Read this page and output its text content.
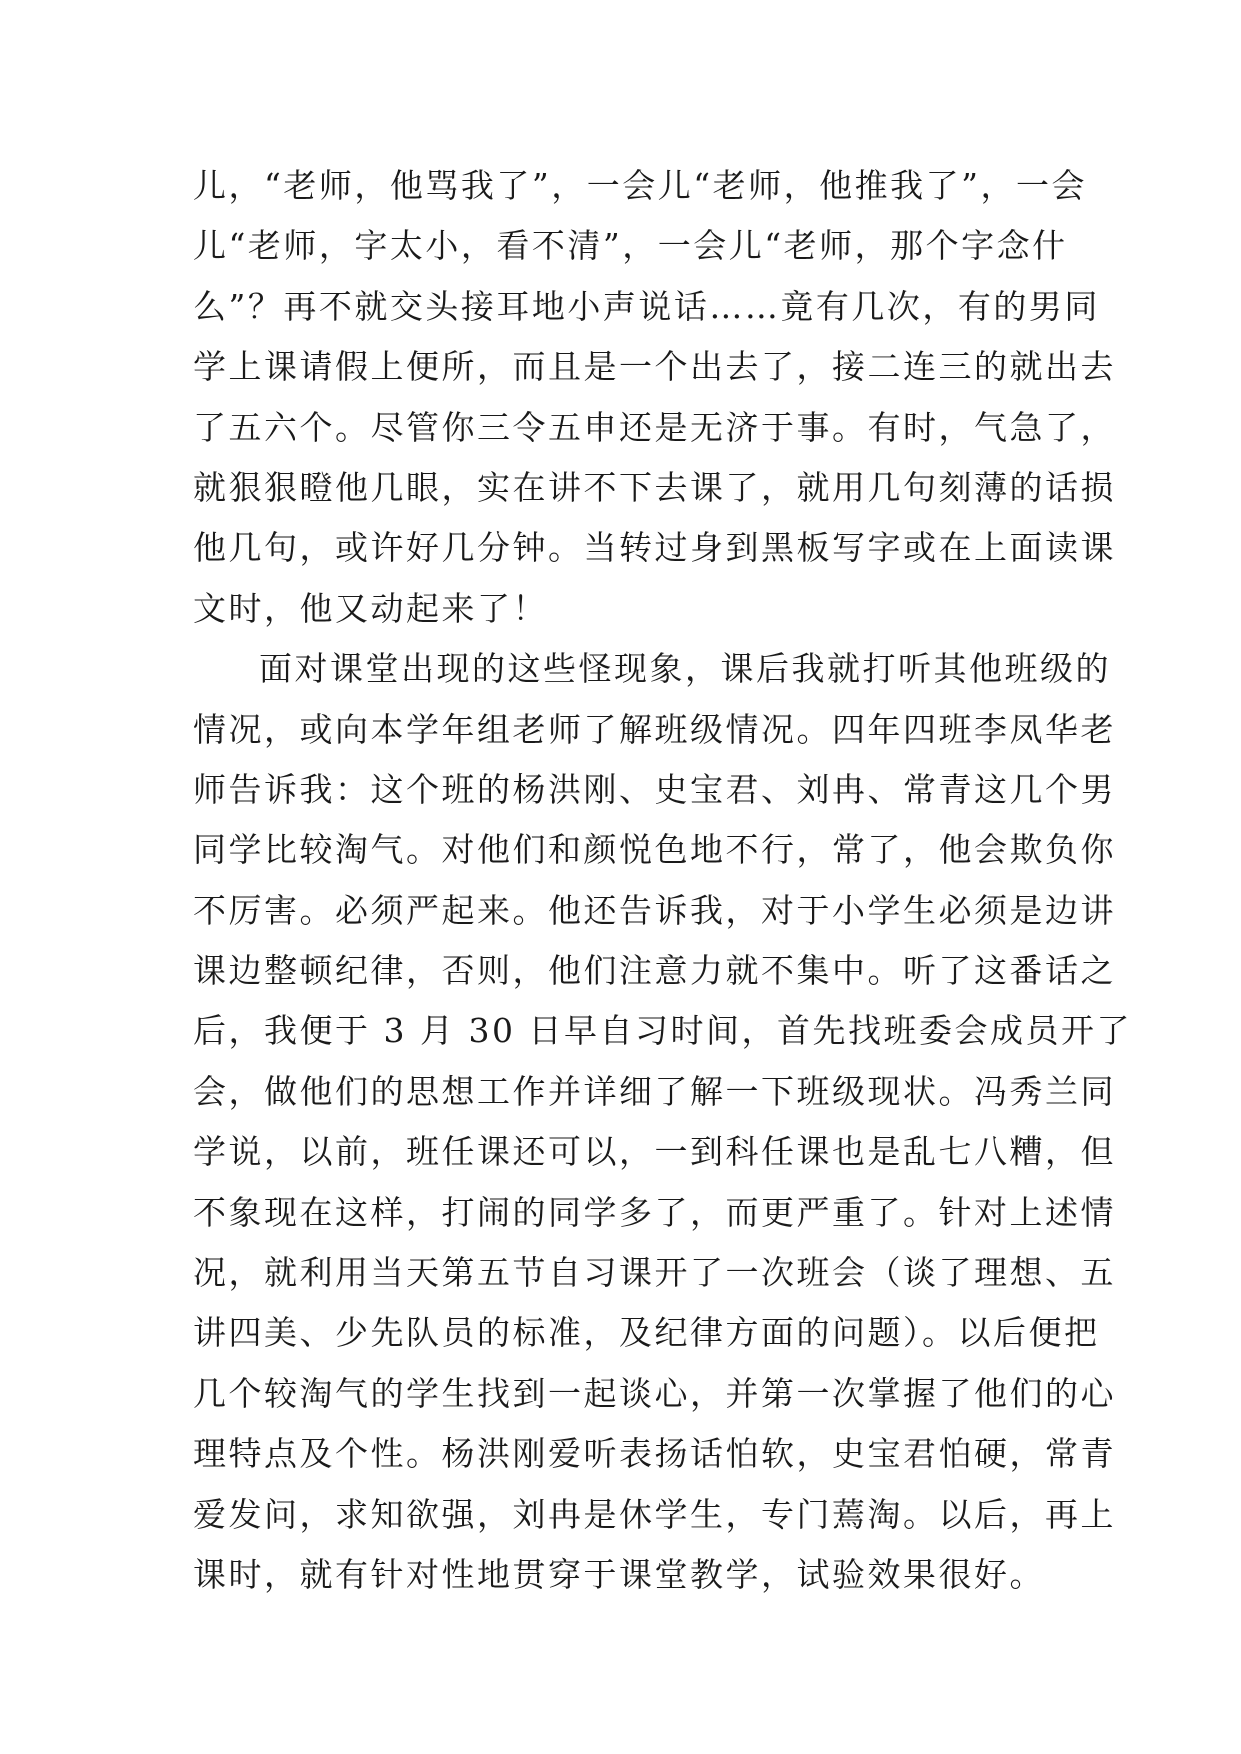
儿，“老师，他骂我了”，一会儿“老师，他推我了”，一会
儿“老师，字太小，看不清”，一会儿“老师，那个字念什
么”？再不就交头接耳地小声说话……竟有几次，有的男同
学上课请假上便所，而且是一个出去了，接二连三的就出去
了五六个。尽管你三令五申还是无济于事。有时，气急了，
就狠狠瞪他几眼，实在讲不下去课了，就用几句刻薄的话损
他几句，或许好几分钟。当转过身到黑板写字或在上面读课
文时，他又动起来了！
面对课堂出现的这些怪现象，课后我就打听其他班级的
情况，或向本学年组老师了解班级情况。四年四班李凤华老
师告诉我：这个班的杨洪刚、史宝君、刘冉、常青这几个男
同学比较淘气。对他们和颜悦色地不行，常了，他会欺负你
不厉害。必须严起来。他还告诉我，对于小学生必须是边讲
课边整顿纪律，否则，他们注意力就不集中。听了这番话之
后，我便于 3 月 30 日早自习时间，首先找班委会成员开了
会，做他们的思想工作并详细了解一下班级现状。冯秀兰同
学说，以前，班任课还可以，一到科任课也是乱七八糟，但
不象现在这样，打闹的同学多了，而更严重了。针对上述情
况，就利用当天第五节自习课开了一次班会（谈了理想、五
讲四美、少先队员的标准，及纪律方面的问题）。以后便把
几个较淘气的学生找到一起谈心，并第一次掌握了他们的心
理特点及个性。杨洪刚爱听表扬话怕软，史宝君怕硬，常青
爱发问，求知欲强，刘冉是休学生，专门蔫淘。以后，再上
课时，就有针对性地贯穿于课堂教学，试验效果很好。
